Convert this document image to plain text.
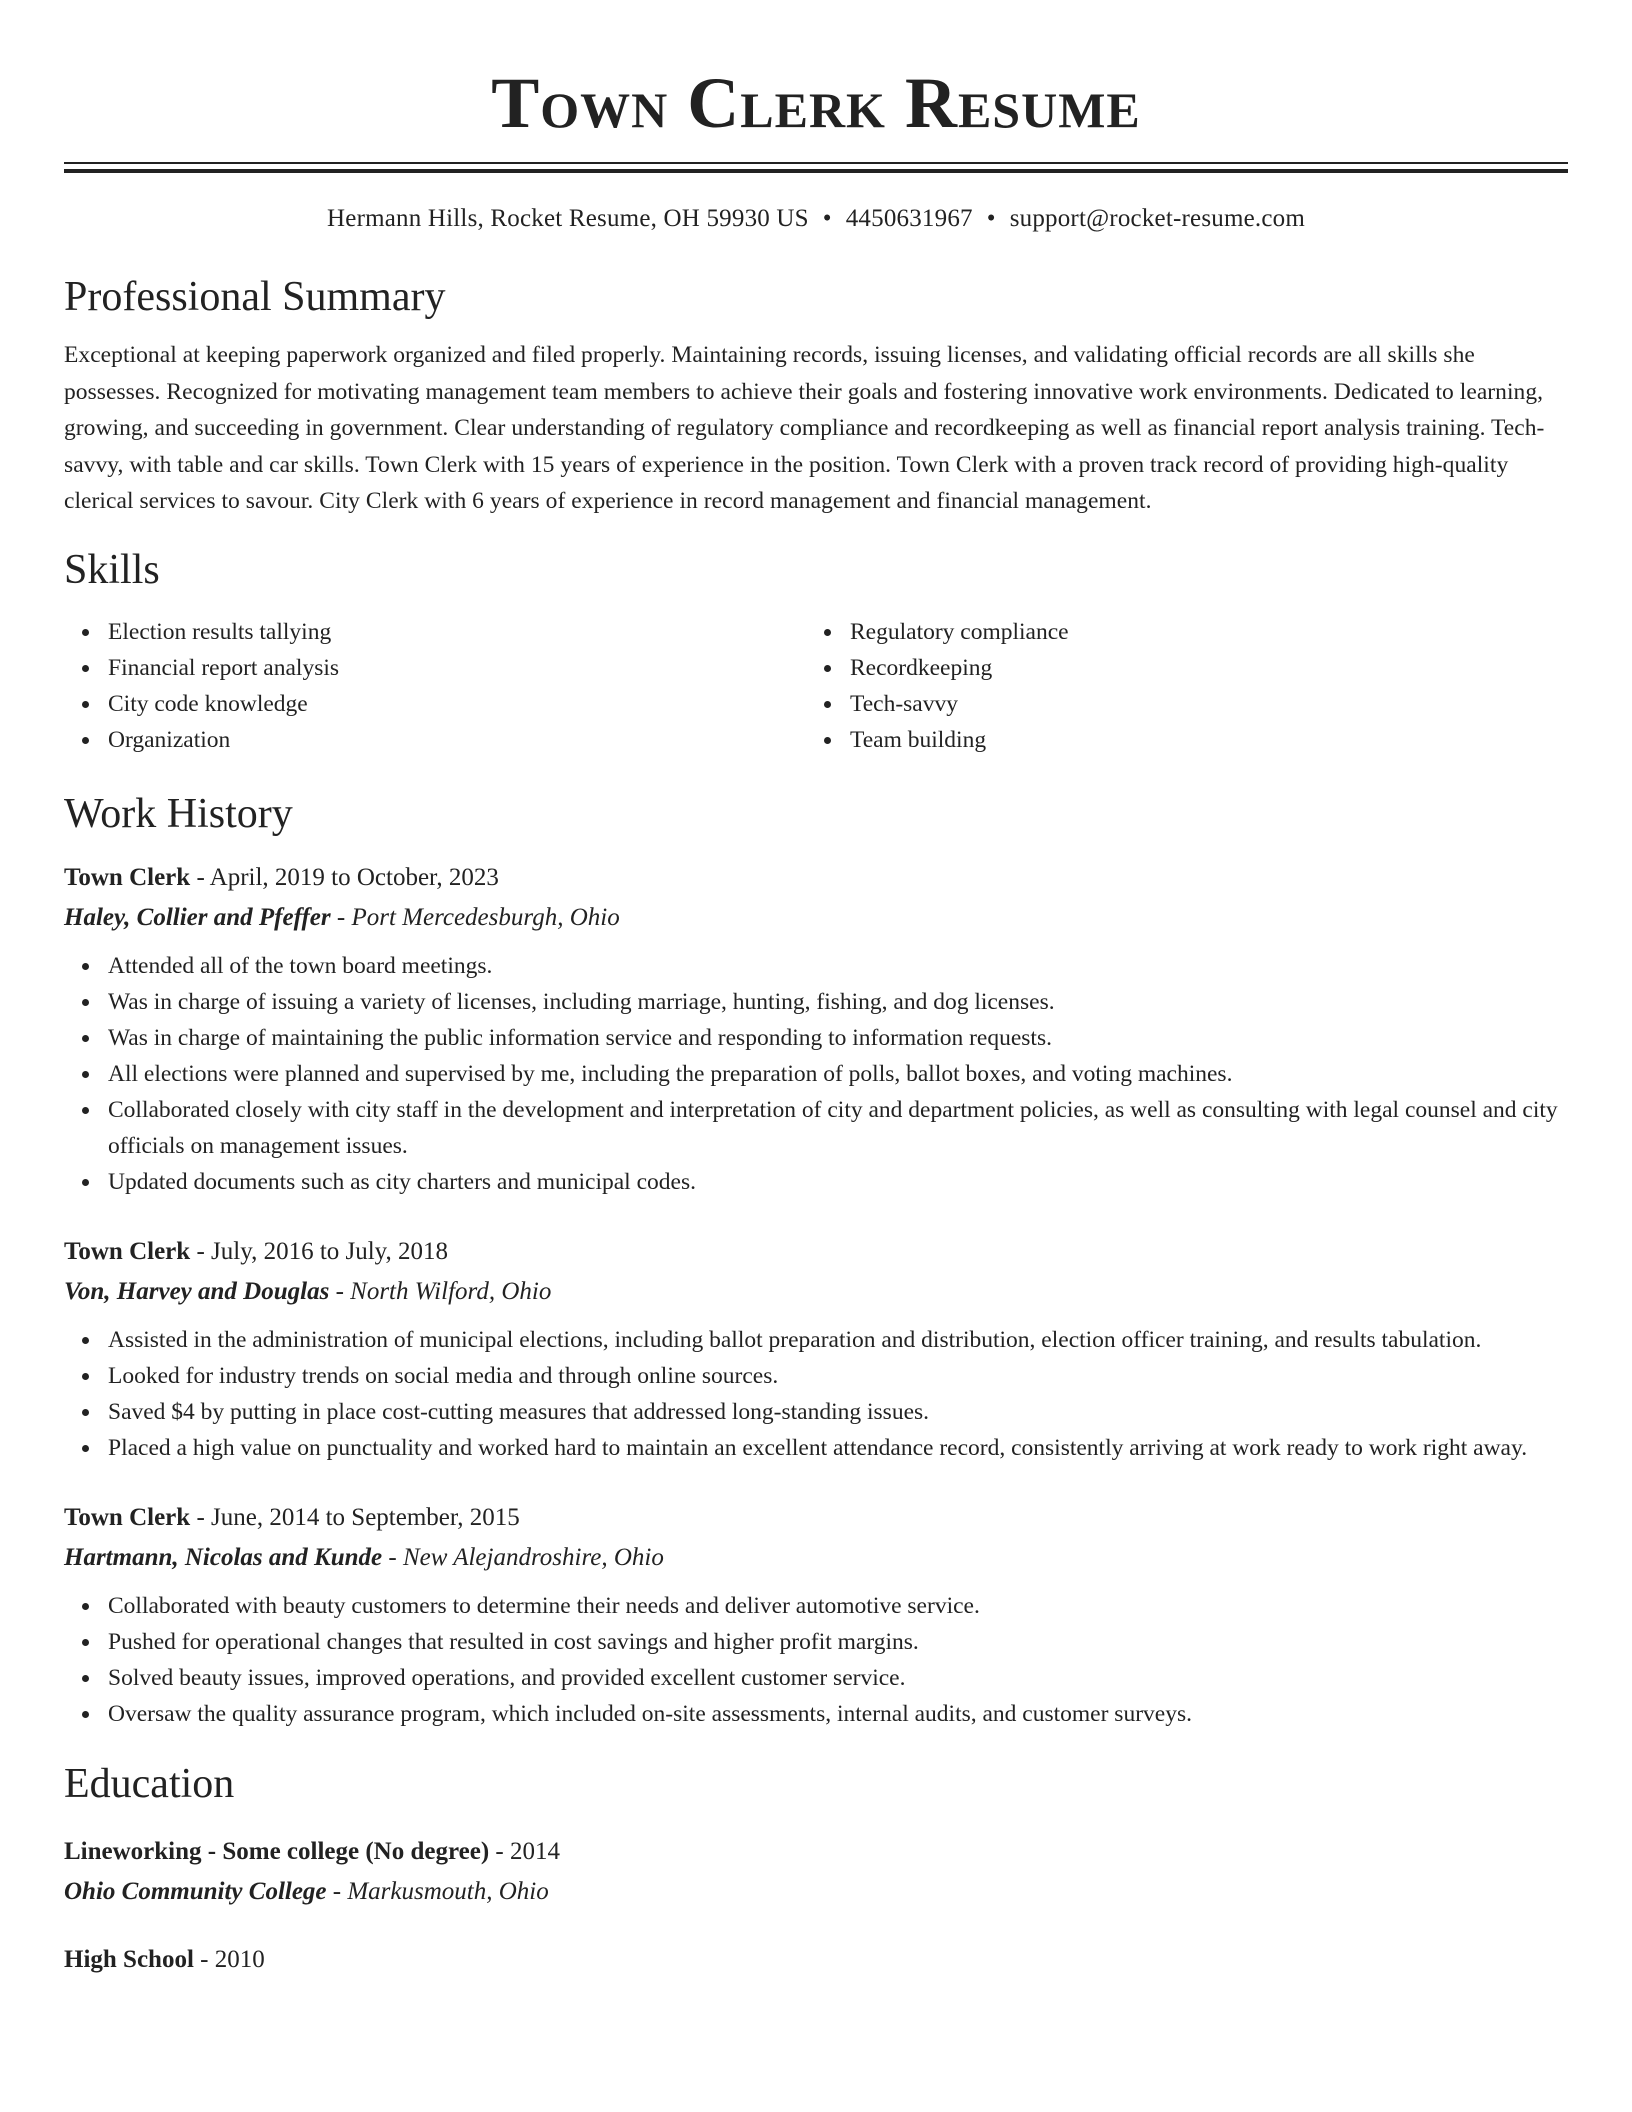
Town Clerk Resume
Hermann Hills, Rocket Resume, OH 59930 US • 4450631967 • support@rocket-resume.com
Professional Summary

Exceptional at keeping paperwork organized and filed properly. Maintaining records, issuing licenses, and validating official records are all skills she possesses. Recognized for motivating management team members to achieve their goals and fostering innovative work environments. Dedicated to learning, growing, and succeeding in government. Clear understanding of regulatory compliance and recordkeeping as well as financial report analysis training. Tech-savvy, with table and car skills. Town Clerk with 15 years of experience in the position. Town Clerk with a proven track record of providing high-quality clerical services to savour. City Clerk with 6 years of experience in record management and financial management.

Skills
Election results tallying
Financial report analysis
City code knowledge
Organization
Regulatory compliance
Recordkeeping
Tech-savvy
Team building
Work History
Town Clerk - April, 2019 to October, 2023
Haley, Collier and Pfeffer - Port Mercedesburgh, Ohio
Attended all of the town board meetings.
Was in charge of issuing a variety of licenses, including marriage, hunting, fishing, and dog licenses.
Was in charge of maintaining the public information service and responding to information requests.
All elections were planned and supervised by me, including the preparation of polls, ballot boxes, and voting machines.
Collaborated closely with city staff in the development and interpretation of city and department policies, as well as consulting with legal counsel and city officials on management issues.
Updated documents such as city charters and municipal codes.
Town Clerk - July, 2016 to July, 2018
Von, Harvey and Douglas - North Wilford, Ohio
Assisted in the administration of municipal elections, including ballot preparation and distribution, election officer training, and results tabulation.
Looked for industry trends on social media and through online sources.
Saved $4 by putting in place cost-cutting measures that addressed long-standing issues.
Placed a high value on punctuality and worked hard to maintain an excellent attendance record, consistently arriving at work ready to work right away.
Town Clerk - June, 2014 to September, 2015
Hartmann, Nicolas and Kunde - New Alejandroshire, Ohio
Collaborated with beauty customers to determine their needs and deliver automotive service.
Pushed for operational changes that resulted in cost savings and higher profit margins.
Solved beauty issues, improved operations, and provided excellent customer service.
Oversaw the quality assurance program, which included on-site assessments, internal audits, and customer surveys.
Education
Lineworking - Some college (No degree) - 2014
Ohio Community College - Markusmouth, Ohio
High School - 2010
